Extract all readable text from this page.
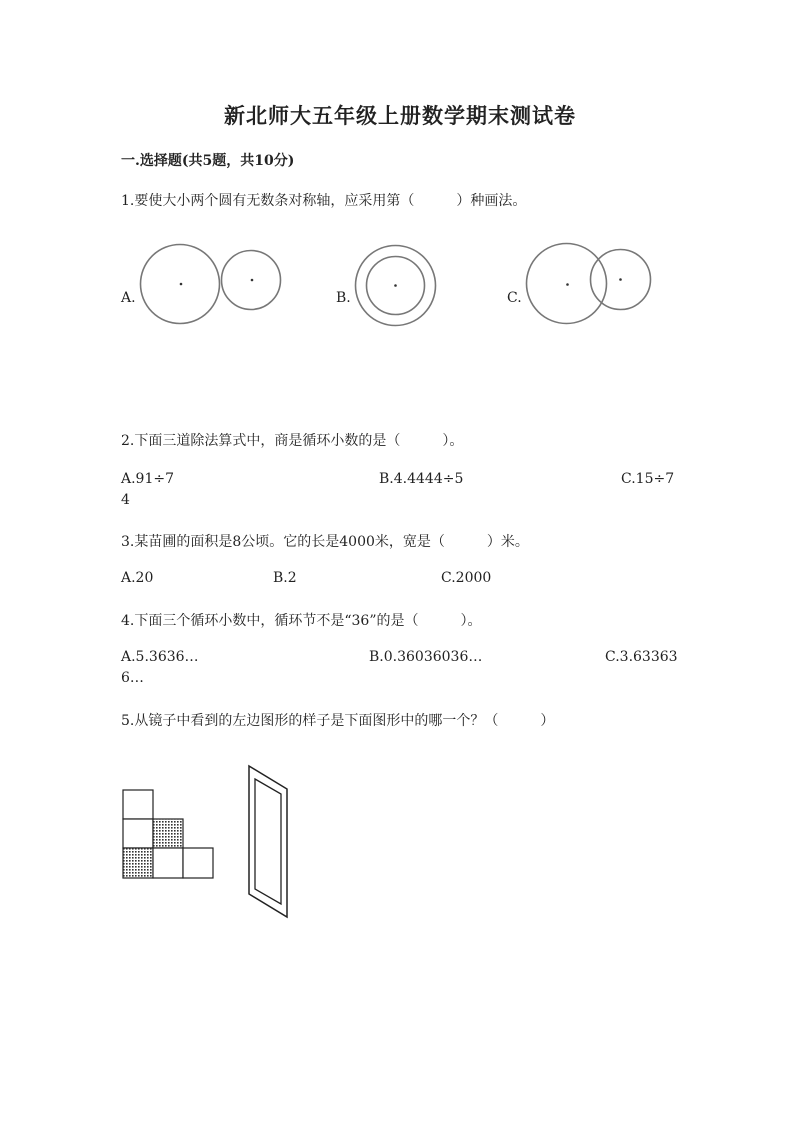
新北师大五年级上册数学期末测试卷
一.选择题(共5题，共10分)
1.要使大小两个圆有无数条对称轴，应采用第（　　　）种画法。
A.	B.	C.
2.下面三道除法算式中，商是循环小数的是（　　　）。
A.91÷7	B.4.4444÷5	C.15÷7
4
3.某苗圃的面积是8公顷。它的长是4000米，宽是（　　　）米。
A.20	B.2	C.2000
4.下面三个循环小数中，循环节不是“36”的是（　　　）。
A.5.3636…	B.0.36036036…	C.3.63363
6…
5.从镜子中看到的左边图形的样子是下面图形中的哪一个？（　　　）
